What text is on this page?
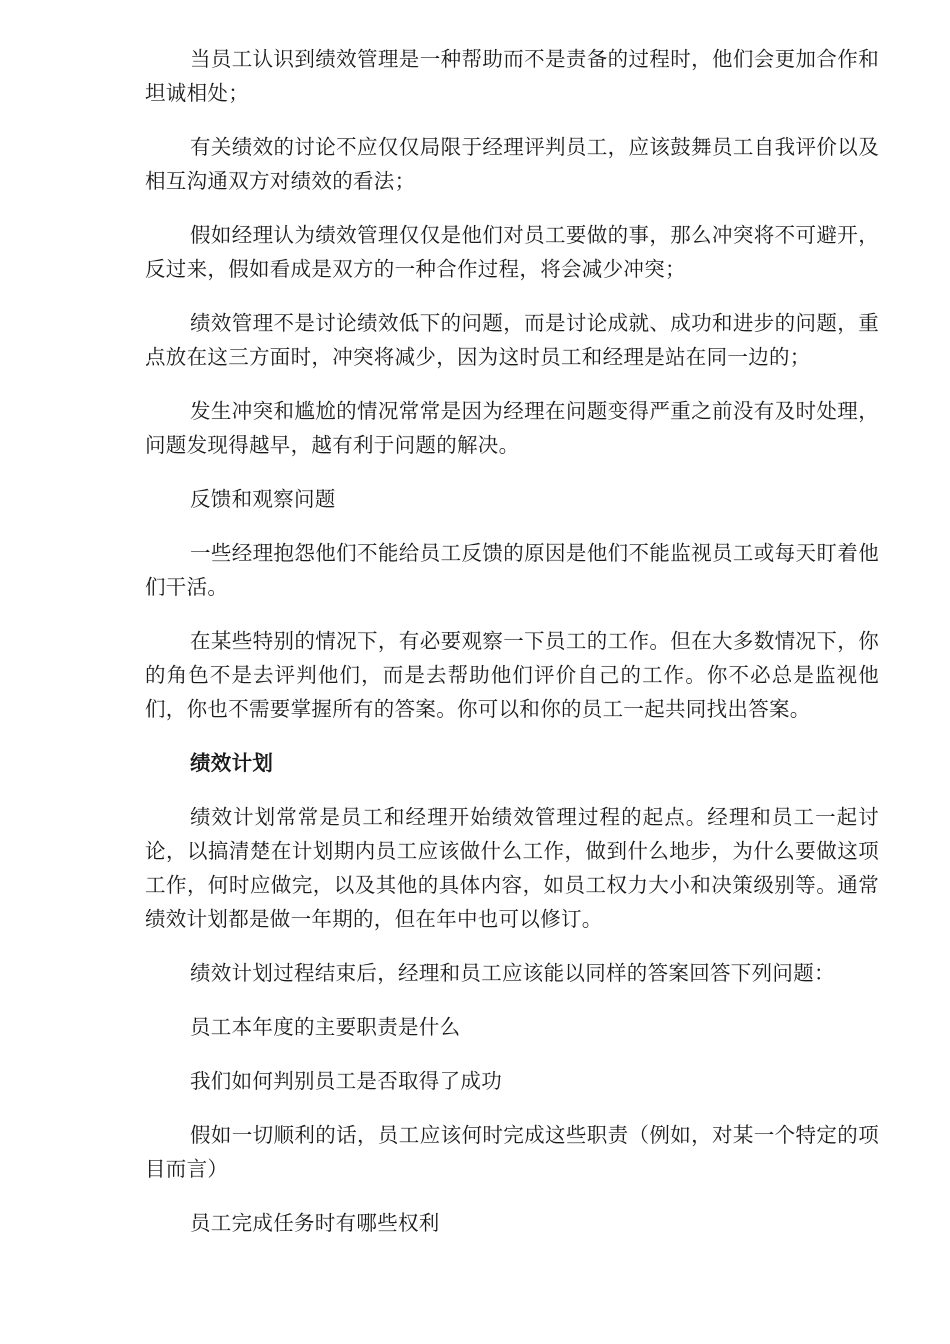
当员工认识到绩效管理是一种帮助而不是责备的过程时，他们会更加合作和坦诚相处；

有关绩效的讨论不应仅仅局限于经理评判员工，应该鼓舞员工自我评价以及相互沟通双方对绩效的看法；

假如经理认为绩效管理仅仅是他们对员工要做的事，那么冲突将不可避开，反过来，假如看成是双方的一种合作过程，将会减少冲突；

绩效管理不是讨论绩效低下的问题，而是讨论成就、成功和进步的问题，重点放在这三方面时，冲突将减少，因为这时员工和经理是站在同一边的；

发生冲突和尴尬的情况常常是因为经理在问题变得严重之前没有及时处理，问题发现得越早，越有利于问题的解决。

反馈和观察问题

一些经理抱怨他们不能给员工反馈的原因是他们不能监视员工或每天盯着他们干活。

在某些特别的情况下，有必要观察一下员工的工作。但在大多数情况下，你的角色不是去评判他们，而是去帮助他们评价自己的工作。你不必总是监视他们，你也不需要掌握所有的答案。你可以和你的员工一起共同找出答案。

绩效计划

绩效计划常常是员工和经理开始绩效管理过程的起点。经理和员工一起讨论，以搞清楚在计划期内员工应该做什么工作，做到什么地步，为什么要做这项工作，何时应做完，以及其他的具体内容，如员工权力大小和决策级别等。通常绩效计划都是做一年期的，但在年中也可以修订。

绩效计划过程结束后，经理和员工应该能以同样的答案回答下列问题：

员工本年度的主要职责是什么

我们如何判别员工是否取得了成功

假如一切顺利的话，员工应该何时完成这些职责（例如，对某一个特定的项目而言）

员工完成任务时有哪些权利
